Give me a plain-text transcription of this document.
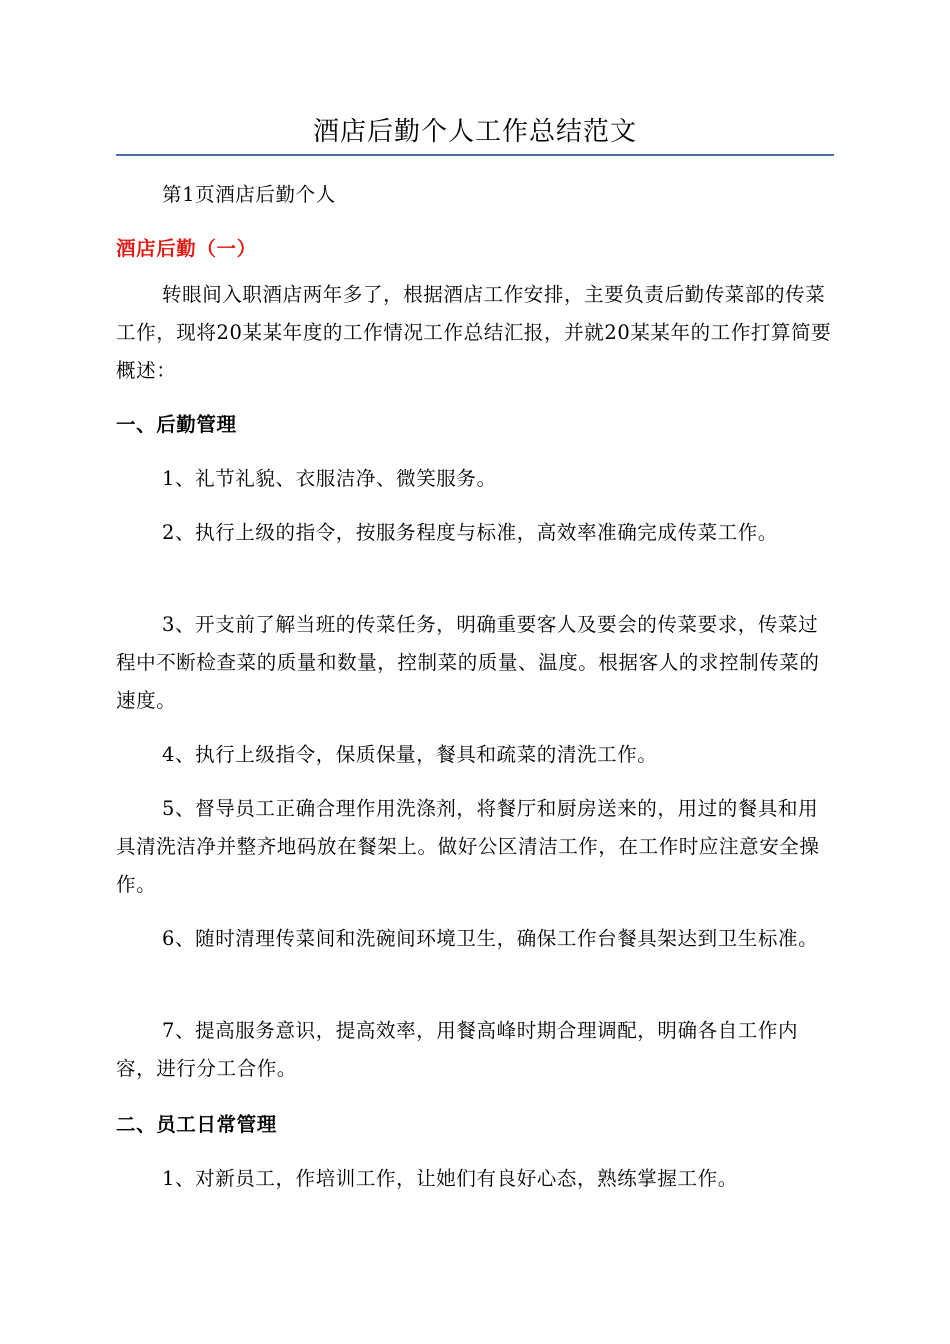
酒店后勤个人工作总结范文
第1页酒店后勤个人
酒店后勤（一）
转眼间入职酒店两年多了，根据酒店工作安排，主要负责后勤传菜部的传菜工作，现将20某某年度的工作情况工作总结汇报，并就20某某年的工作打算简要概述：
一、后勤管理
1、礼节礼貌、衣服洁净、微笑服务。
2、执行上级的指令，按服务程度与标准，高效率准确完成传菜工作。
3、开支前了解当班的传菜任务，明确重要客人及要会的传菜要求，传菜过程中不断检查菜的质量和数量，控制菜的质量、温度。根据客人的求控制传菜的速度。
4、执行上级指令，保质保量，餐具和疏菜的清洗工作。
5、督导员工正确合理作用洗涤剂，将餐厅和厨房送来的，用过的餐具和用具清洗洁净并整齐地码放在餐架上。做好公区清洁工作，在工作时应注意安全操作。
6、随时清理传菜间和洗碗间环境卫生，确保工作台餐具架达到卫生标准。
7、提高服务意识，提高效率，用餐高峰时期合理调配，明确各自工作内容，进行分工合作。
二、员工日常管理
1、对新员工，作培训工作，让她们有良好心态，熟练掌握工作。
